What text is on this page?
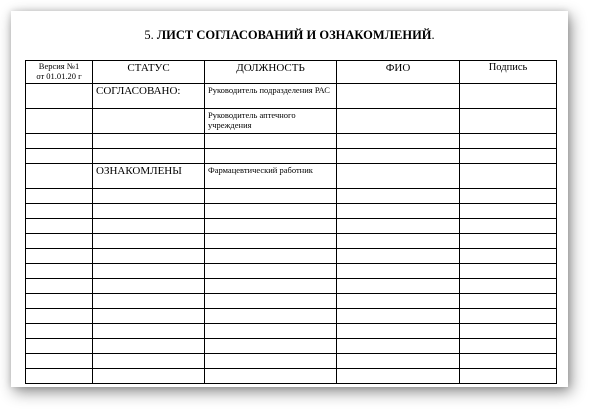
5. ЛИСТ СОГЛАСОВАНИЙ И ОЗНАКОМЛЕНИЙ.
Версия №1
от 01.01.20 г	СТАТУС	ДОЛЖНОСТЬ	ФИО	Подпись

	СОГЛАСОВАНО:	Руководитель подразделения РАС		

		Руководитель аптечного учреждения		

	ОЗНАКОМЛЕНЫ	Фармацевтический работник		
